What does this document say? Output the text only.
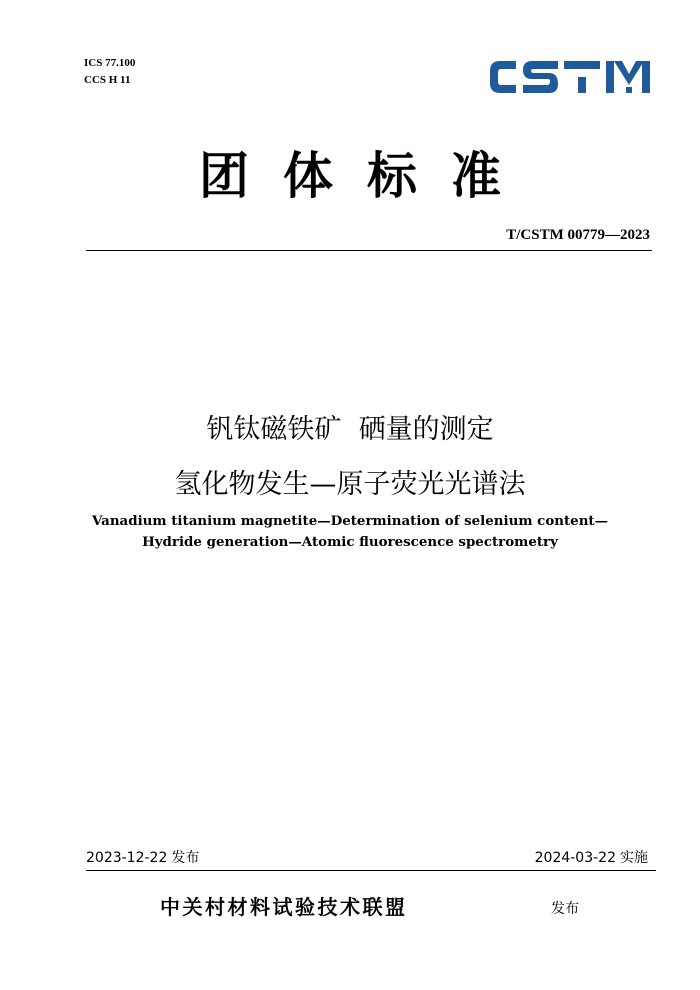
ICS 77.100
CCS H 11
团体标准
T/CSTM 00779—2023
钒钛磁铁矿  硒量的测定
氢化物发生—原子荧光光谱法
Vanadium titanium magnetite—Determination of selenium content—
Hydride generation—Atomic fluorescence spectrometry
2023-12-22 发布	2024-03-22 实施
中关村材料试验技术联盟	发布
